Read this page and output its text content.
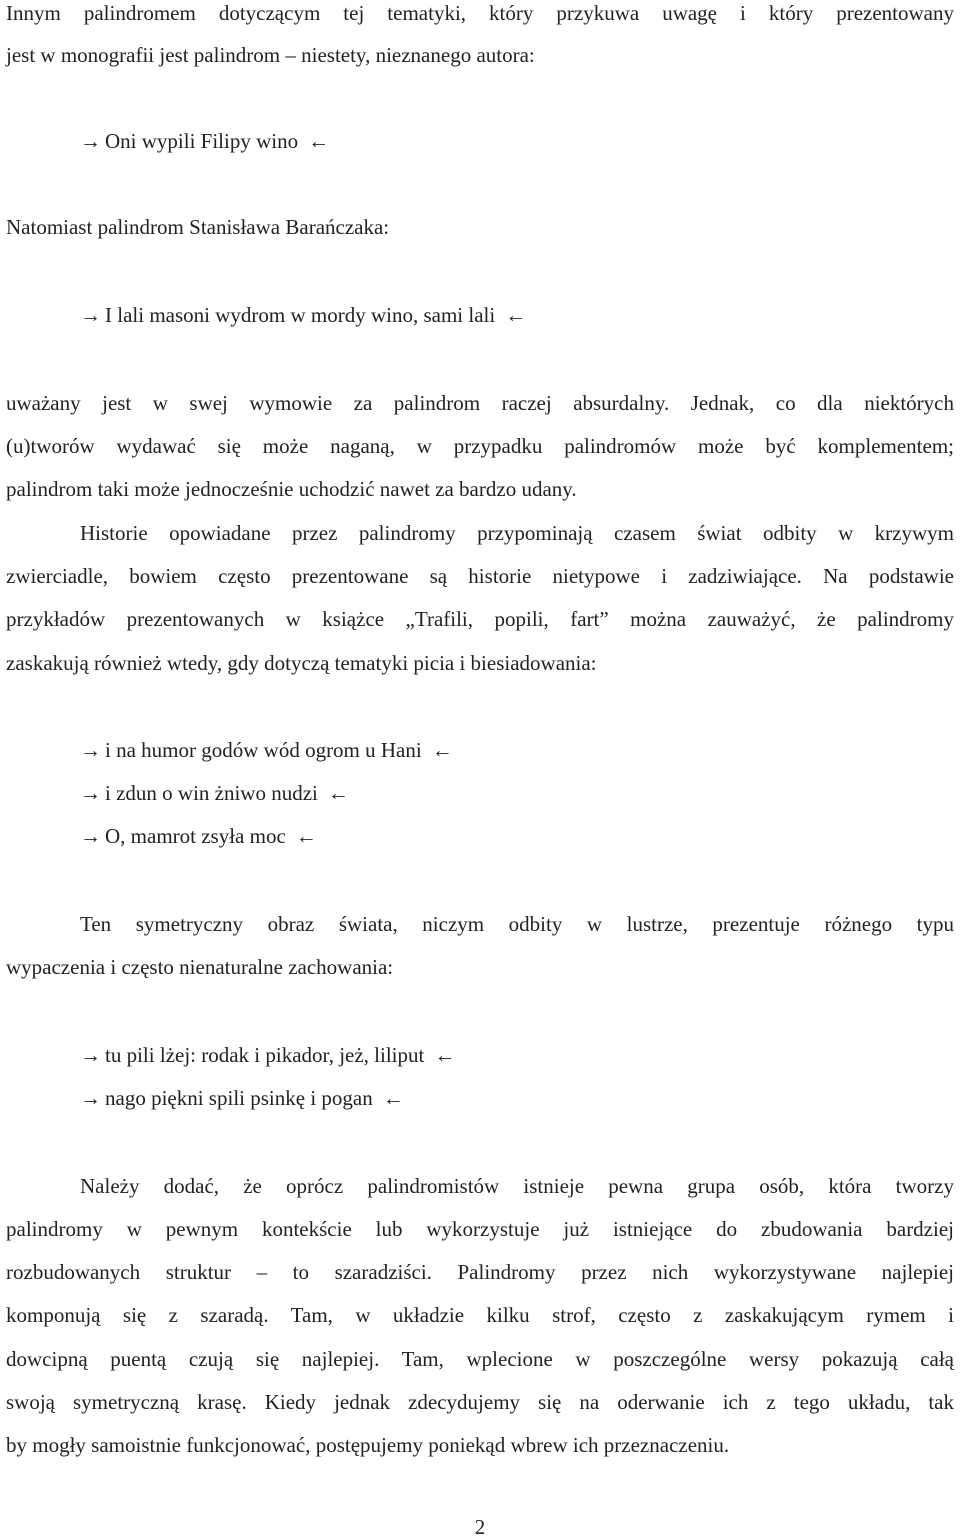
Innym palindromem dotyczącym tej tematyki, który przykuwa uwagę i który prezentowany
jest w monografii jest palindrom – niestety, nieznanego autora:
→ Oni wypili Filipy wino ←
Natomiast palindrom Stanisława Barańczaka:
→ I lali masoni wydrom w mordy wino, sami lali ←
uważany jest w swej wymowie za palindrom raczej absurdalny. Jednak, co dla niektórych
(u)tworów wydawać się może naganą, w przypadku palindromów może być komplementem;
palindrom taki może jednocześnie uchodzić nawet za bardzo udany.
Historie opowiadane przez palindromy przypominają czasem świat odbity w krzywym
zwierciadle, bowiem często prezentowane są historie nietypowe i zadziwiające. Na podstawie
przykładów prezentowanych w książce „Trafili, popili, fart” można zauważyć, że palindromy
zaskakują również wtedy, gdy dotyczą tematyki picia i biesiadowania:
→ i na humor godów wód ogrom u Hani ←
→ i zdun o win żniwo nudzi ←
→ O, mamrot zsyła moc ←
Ten symetryczny obraz świata, niczym odbity w lustrze, prezentuje różnego typu
wypaczenia i często nienaturalne zachowania:
→ tu pili lżej: rodak i pikador, jeż, liliput ←
→ nago piękni spili psinkę i pogan ←
Należy dodać, że oprócz palindromistów istnieje pewna grupa osób, która tworzy
palindromy w pewnym kontekście lub wykorzystuje już istniejące do zbudowania bardziej
rozbudowanych struktur – to szaradziści. Palindromy przez nich wykorzystywane najlepiej
komponują się z szaradą. Tam, w układzie kilku strof, często z zaskakującym rymem i
dowcipną puentą czują się najlepiej. Tam, wplecione w poszczególne wersy pokazują całą
swoją symetryczną krasę. Kiedy jednak zdecydujemy się na oderwanie ich z tego układu, tak
by mogły samoistnie funkcjonować, postępujemy poniekąd wbrew ich przeznaczeniu.
2
